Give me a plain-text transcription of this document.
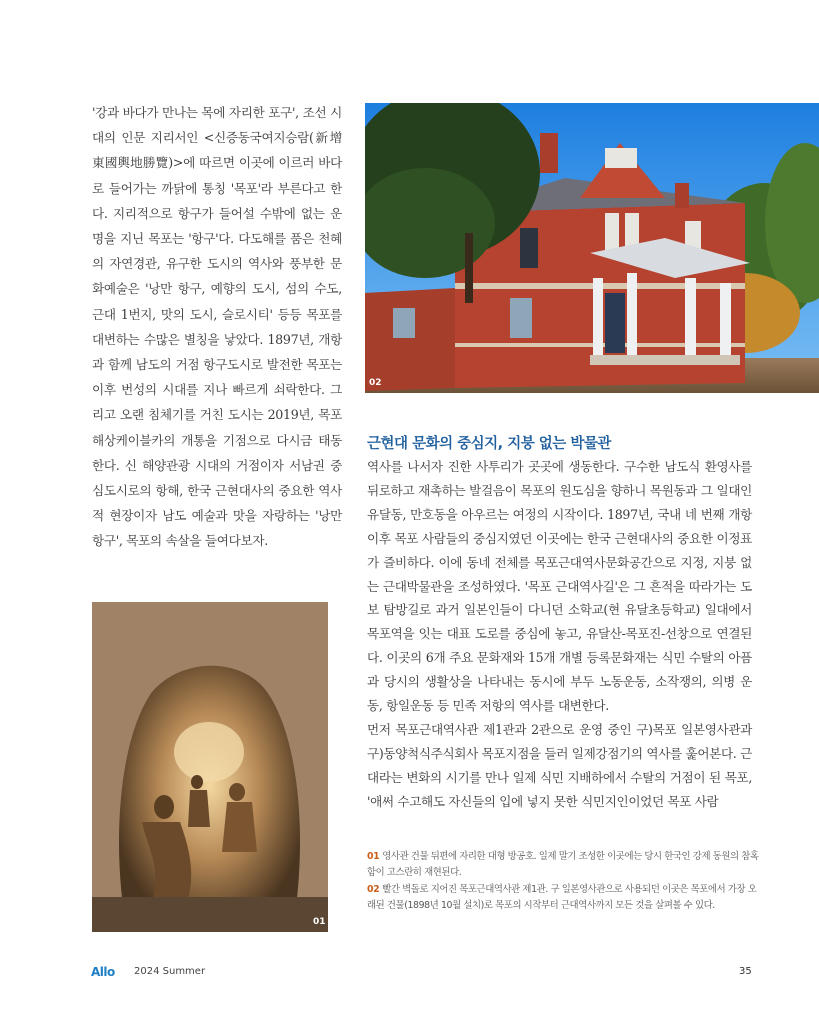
'강과 바다가 만나는 목에 자리한 포구', 조선 시대의 인문 지리서인 <신증동국여지승람(新增東國輿地勝覽)>에 따르면 이곳에 이르러 바다로 들어가는 까닭에 통칭 '목포'라 부른다고 한다. 지리적으로 항구가 들어설 수밖에 없는 운명을 지닌 목포는 '항구'다. 다도해를 품은 천혜의 자연경관, 유구한 도시의 역사와 풍부한 문화예술은 '낭만 항구, 예향의 도시, 섬의 수도, 근대 1번지, 맛의 도시, 슬로시티' 등등 목포를 대변하는 수많은 별칭을 낳았다. 1897년, 개항과 함께 남도의 거점 항구도시로 발전한 목포는 이후 번성의 시대를 지나 빠르게 쇠락한다. 그리고 오랜 침체기를 거친 도시는 2019년, 목포 해상케이블카의 개통을 기점으로 다시금 태동한다. 신 해양관광 시대의 거점이자 서남권 중심도시로의 항해, 한국 근현대사의 중요한 역사적 현장이자 남도 예술과 맛을 자랑하는 '낭만 항구', 목포의 속살을 들여다보자.
02
01
근현대 문화의 중심지, 지붕 없는 박물관

역사를 나서자 진한 사투리가 곳곳에 생동한다. 구수한 남도식 환영사를 뒤로하고 재촉하는 발걸음이 목포의 원도심을 향하니 목원동과 그 일대인 유달동, 만호동을 아우르는 여정의 시작이다. 1897년, 국내 네 번째 개항 이후 목포 사람들의 중심지였던 이곳에는 한국 근현대사의 중요한 이정표가 즐비하다. 이에 동네 전체를 목포근대역사문화공간으로 지정, 지붕 없는 근대박물관을 조성하였다. '목포 근대역사길'은 그 흔적을 따라가는 도보 탐방길로 과거 일본인들이 다니던 소학교(현 유달초등학교) 일대에서 목포역을 잇는 대표 도로를 중심에 놓고, 유달산-목포진-선창으로 연결된다. 이곳의 6개 주요 문화재와 15개 개별 등록문화재는 식민 수탈의 아픔과 당시의 생활상을 나타내는 동시에 부두 노동운동, 소작쟁의, 의병 운동, 항일운동 등 민족 저항의 역사를 대변한다.

먼저 목포근대역사관 제1관과 2관으로 운영 중인 구)목포 일본영사관과 구)동양척식주식회사 목포지점을 들러 일제강점기의 역사를 훑어본다. 근대라는 변화의 시기를 만나 일제 식민 지배하에서 수탈의 거점이 된 목포, '애써 수고해도 자신들의 입에 넣지 못한 식민지인이었던 목포 사람

01 영사관 건물 뒤편에 자리한 대형 방공호. 일제 말기 조성한 이곳에는 당시 한국인 강제 동원의 참혹함이 고스란히 재현된다.

02 빨간 벽돌로 지어진 목포근대역사관 제1관. 구 일본영사관으로 사용되던 이곳은 목포에서 가장 오래된 건물(1898년 10월 설치)로 목포의 시작부터 근대역사까지 모든 것을 살펴볼 수 있다.

Allo 2024 Summer	35
